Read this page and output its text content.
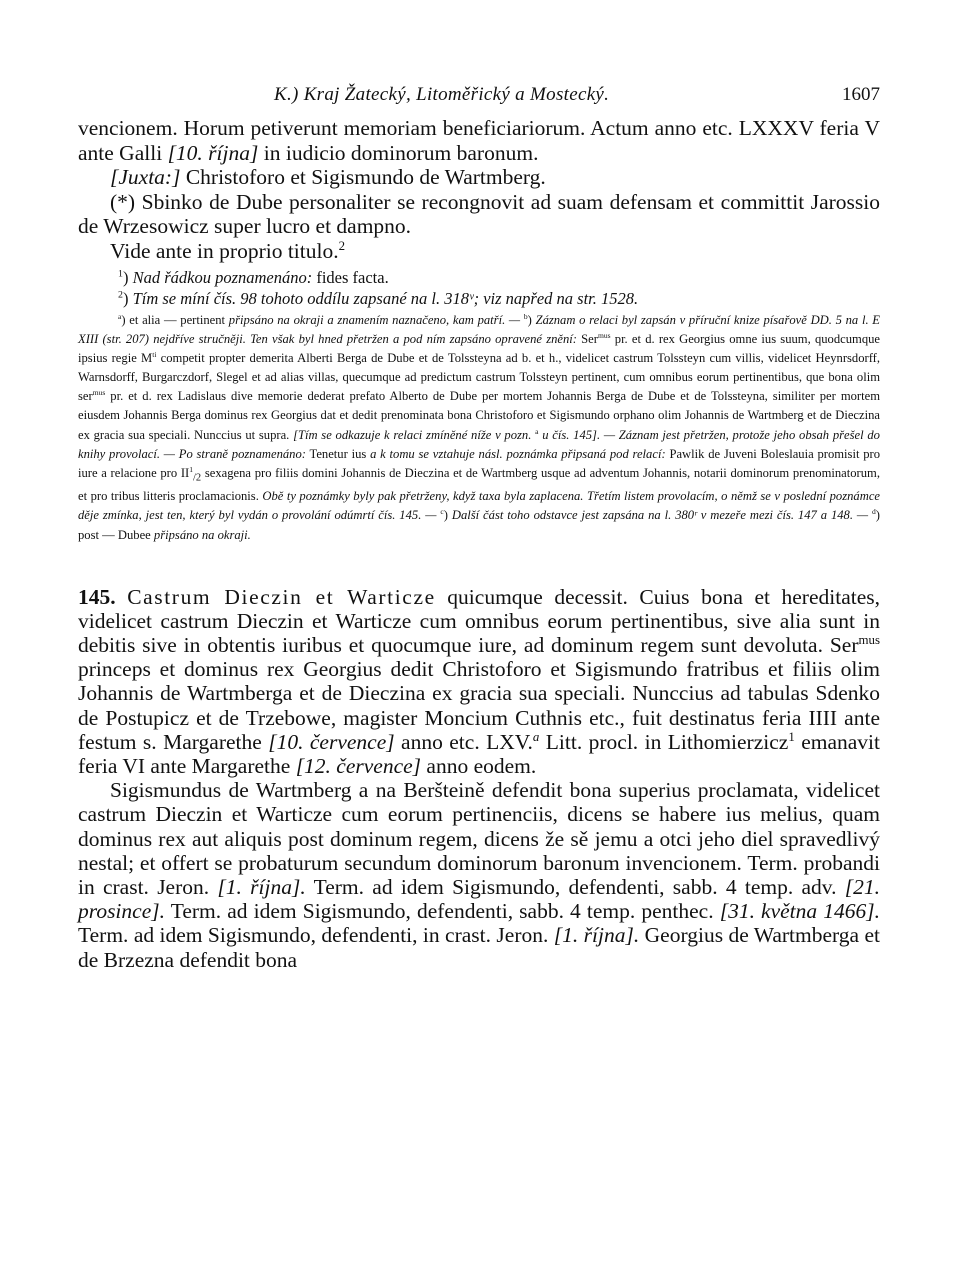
K.) Kraj Žatecký, Litoměřický a Mostecký.	1607

vencionem. Horum petiverunt memoriam beneficiariorum. Actum anno etc. LXXXV feria V ante Galli [10. října] in iudicio dominorum baronum.

[Juxta:] Christoforo et Sigismundo de Wartmberg.

(*) Sbinko de Dube personaliter se recongnovit ad suam defensam et committit Jarossio de Wrzesowicz super lucro et dampno.

Vide ante in proprio titulo.$^2$

$^1$) Nad řádkou poznamenáno: fides facta.

$^2$) Tím se míní čís. 98 tohoto oddílu zapsané na l. 318ᵛ; viz napřed na str. 1528.

$^a$) et alia — pertinent připsáno na okraji a znamením naznačeno, kam patří. — $^b$) Záznam o relaci byl zapsán v příruční knize písařově DD. 5 na l. E XIII (str. 207) nejdříve stručněji. Ten však byl hned přetržen a pod ním zapsáno opravené znění: Ser$^{mus}$ pr. et d. rex Georgius omne ius suum, quodcumque ipsius regie $M^{ti}$ competit propter demerita Alberti Berga de Dube et de Tolssteyna ad b. et h., videlicet castrum Tolssteyn cum villis, videlicet Heynrsdorff, Warnsdorff, Burgarczdorf, Slegel et ad alias villas, quecumque ad predictum castrum Tolssteyn pertinent, cum omnibus eorum pertinentibus, que bona olim ser$^{mus}$ pr. et d. rex Ladislaus dive memorie dederat prefato Alberto de Dube per mortem Johannis Berga de Dube et de Tolssteyna, similiter per mortem eiusdem Johannis Berga dominus rex Georgius dat et dedit prenominata bona Christoforo et Sigismundo orphano olim Johannis de Wartmberg et de Dieczina ex gracia sua speciali. Nunccius ut supra. [Tím se odkazuje k relaci zmíněné níže v pozn. $^a$ u čís. 145]. — Záznam jest přetržen, protože jeho obsah přešel do knihy provolací. — Po straně poznamenáno: Tenetur ius a k tomu se vztahuje násl. poznámka připsaná pod relací: Pawlik de Juveni Boleslauia promisit pro iure a relacione pro $II^1_{/2}$ sexagena pro filiis domini Johannis de Dieczina et de Wartmberg usque ad adventum Johannis, notarii dominorum prenominatorum, et pro tribus litteris proclamacionis. Obě ty poznámky byly pak přetrženy, když taxa byla zaplacena. Třetím listem provolacím, o němž se v poslední poznámce děje zmínka, jest ten, který byl vydán o provolání odúmrtí čís. 145. — $^c$) Další část toho odstavce jest zapsána na l. 380ʳ v mezeře mezi čís. 147 a 148. — $^d$) post — Dubee připsáno na okraji.

145. Castrum Dieczin et Warticze quicumque decessit. Cuius bona et hereditates, videlicet castrum Dieczin et Warticze cum omnibus eorum pertinentibus, sive alia sunt in debitis sive in obtentis iuribus et quocumque iure, ad dominum regem sunt devoluta. Ser$^{mus}$ princeps et dominus rex Georgius dedit Christoforo et Sigismundo fratribus et filiis olim Johannis de Wartmberga et de Dieczina ex gracia sua speciali. Nunccius ad tabulas Sdenko de Postupicz et de Trzebowe, magister Moncium Cuthnis etc., fuit destinatus feria IIII ante festum s. Margarethe [10. července] anno etc. LXV.$^a$ Litt. procl. in Lithomierzicz$^1$ emanavit feria VI ante Margarethe [12. července] anno eodem.

Sigismundus de Wartmberg a na Beršteině defendit bona superius proclamata, videlicet castrum Dieczin et Warticze cum eorum pertinenciis, dicens se habere ius melius, quam dominus rex aut aliquis post dominum regem, dicens že sě jemu a otci jeho diel spravedlivý nestal; et offert se probaturum secundum dominorum baronum invencionem. Term. probandi in crast. Jeron. [1. října]. Term. ad idem Sigismundo, defendenti, sabb. 4 temp. adv. [21. prosince]. Term. ad idem Sigismundo, defendenti, sabb. 4 temp. penthec. [31. května 1466]. Term. ad idem Sigismundo, defendenti, in crast. Jeron. [1. října]. Georgius de Wartmberga et de Brzezna defendit bona
